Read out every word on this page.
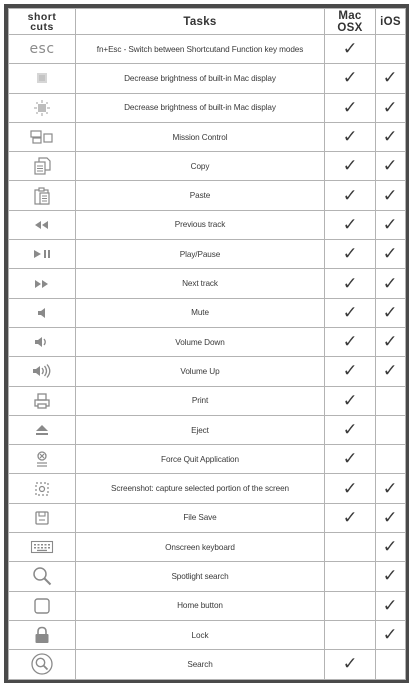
short
cuts	Tasks	Mac OSX	iOS
esc	fn+Esc - Switch between Shortcutand Function key modes	✓	

	Decrease brightness of built-in Mac display	✓	✓

	Decrease brightness of built-in Mac display	✓	✓

	Mission Control	✓	✓

	Copy	✓	✓

	Paste	✓	✓

	Previous track	✓	✓

	Play/Pause	✓	✓

	Next track	✓	✓

	Mute	✓	✓

	Volume Down	✓	✓

	Volume Up	✓	✓

	Print	✓	

	Eject	✓	

	Force Quit Application	✓	

	Screenshot: capture selected portion of the screen	✓	✓

	File Save	✓	✓

	Onscreen keyboard		✓

	Spotlight search		✓

	Home button		✓

	Lock		✓

	Search	✓	
